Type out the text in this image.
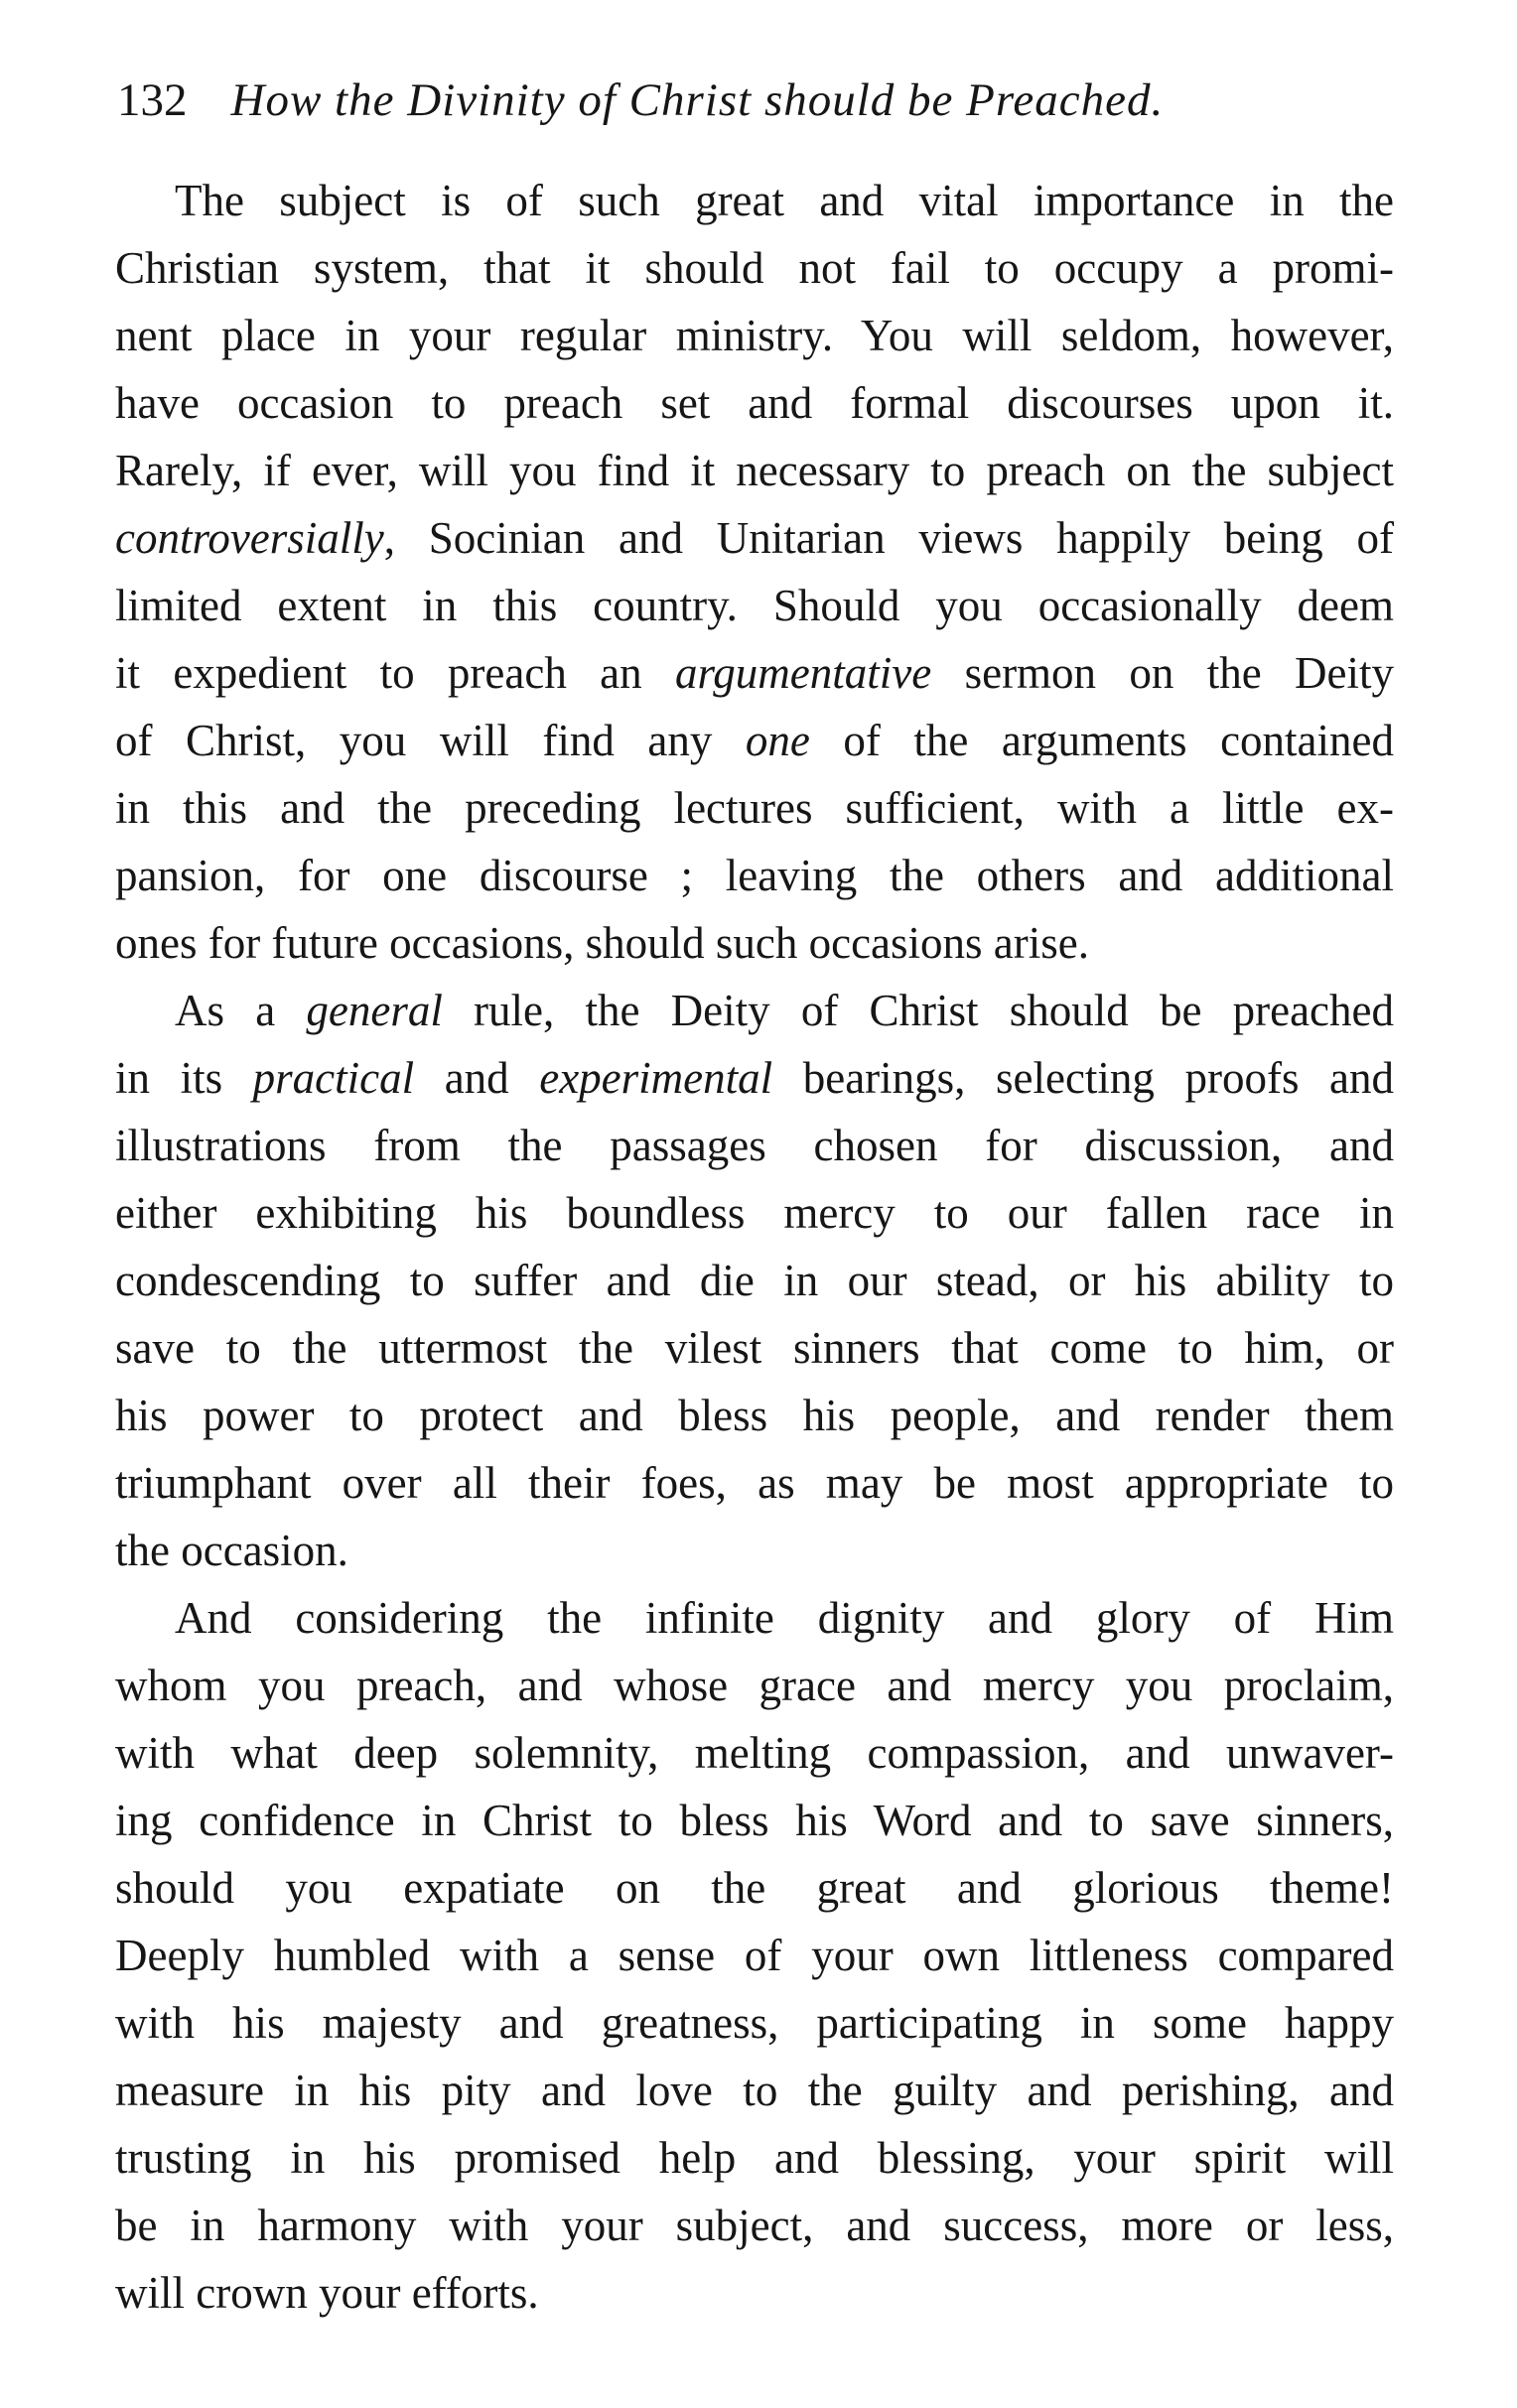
132 How the Divinity of Christ should be Preached.
The subject is of such great and vital importance in the
Christian system, that it should not fail to occupy a promi-
nent place in your regular ministry. You will seldom, however,
have occasion to preach set and formal discourses upon it.
Rarely, if ever, will you find it necessary to preach on the subject
controversially, Socinian and Unitarian views happily being of
limited extent in this country. Should you occasionally deem
it expedient to preach an argumentative sermon on the Deity
of Christ, you will find any one of the arguments contained
in this and the preceding lectures sufficient, with a little ex-
pansion, for one discourse ; leaving the others and additional
ones for future occasions, should such occasions arise.
As a general rule, the Deity of Christ should be preached
in its practical and experimental bearings, selecting proofs and
illustrations from the passages chosen for discussion, and
either exhibiting his boundless mercy to our fallen race in
condescending to suffer and die in our stead, or his ability to
save to the uttermost the vilest sinners that come to him, or
his power to protect and bless his people, and render them
triumphant over all their foes, as may be most appropriate to
the occasion.
And considering the infinite dignity and glory of Him
whom you preach, and whose grace and mercy you proclaim,
with what deep solemnity, melting compassion, and unwaver-
ing confidence in Christ to bless his Word and to save sinners,
should you expatiate on the great and glorious theme!
Deeply humbled with a sense of your own littleness compared
with his majesty and greatness, participating in some happy
measure in his pity and love to the guilty and perishing, and
trusting in his promised help and blessing, your spirit will
be in harmony with your subject, and success, more or less,
will crown your efforts.
